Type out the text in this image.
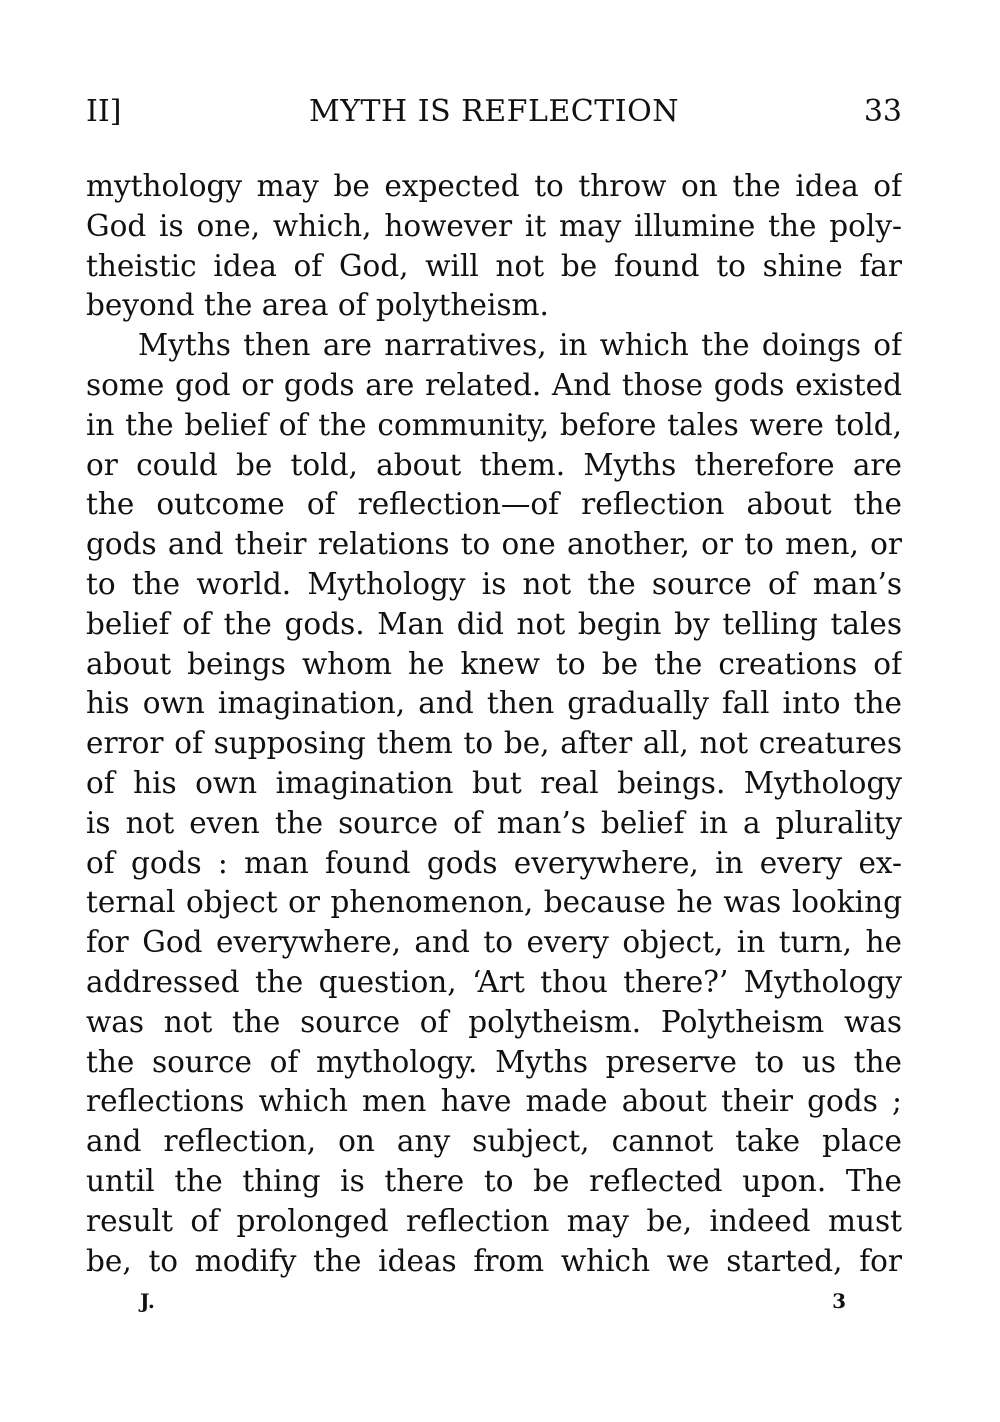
II]	MYTH IS REFLECTION	33
mythology may be expected to throw on the idea of
God is one, which, however it may illumine the poly-
theistic idea of God, will not be found to shine far
beyond the area of polytheism.
Myths then are narratives, in which the doings of
some god or gods are related. And those gods existed
in the belief of the community, before tales were told,
or could be told, about them. Myths therefore are
the outcome of reflection—of reflection about the
gods and their relations to one another, or to men, or
to the world. Mythology is not the source of man’s
belief of the gods. Man did not begin by telling tales
about beings whom he knew to be the creations of
his own imagination, and then gradually fall into the
error of supposing them to be, after all, not creatures
of his own imagination but real beings. Mythology
is not even the source of man’s belief in a plurality
of gods : man found gods everywhere, in every ex-
ternal object or phenomenon, because he was looking
for God everywhere, and to every object, in turn, he
addressed the question, ‘Art thou there?’ Mythology
was not the source of polytheism. Polytheism was
the source of mythology. Myths preserve to us the
reflections which men have made about their gods ;
and reflection, on any subject, cannot take place
until the thing is there to be reflected upon. The
result of prolonged reflection may be, indeed must
be, to modify the ideas from which we started, for
J.	3
